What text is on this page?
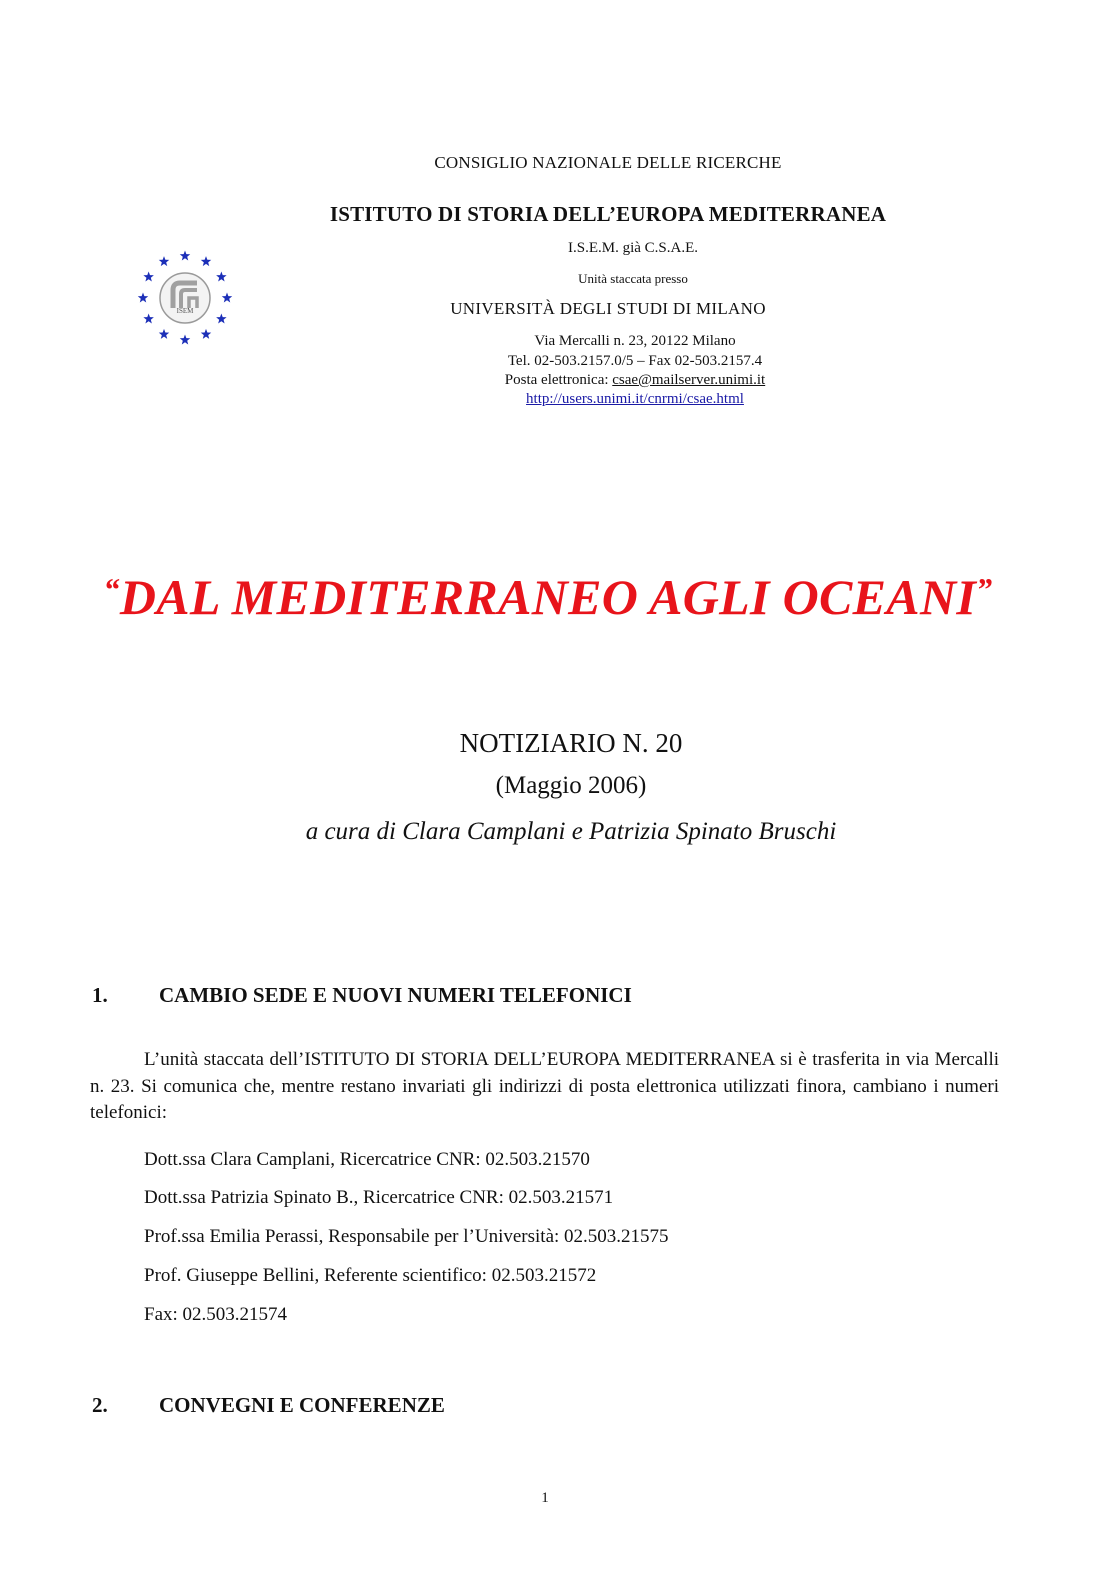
CONSIGLIO NAZIONALE DELLE RICERCHE
ISTITUTO DI STORIA DELL’EUROPA MEDITERRANEA
I.S.E.M. già C.S.A.E.
Unità staccata presso
UNIVERSITÀ DEGLI STUDI DI MILANO
Via Mercalli n. 23, 20122 Milano
Tel. 02-503.2157.0/5 – Fax 02-503.2157.4
Posta elettronica: csae@mailserver.unimi.it
http://users.unimi.it/cnrmi/csae.html
ISEM
“DAL MEDITERRANEO AGLI OCEANI”
NOTIZIARIO N. 20
(Maggio 2006)
a cura di Clara Camplani e Patrizia Spinato Bruschi
1. CAMBIO SEDE E NUOVI NUMERI TELEFONICI
L’unità staccata dell’ISTITUTO DI STORIA DELL’EUROPA MEDITERRANEA si è trasferita in via Mercalli n. 23. Si comunica che, mentre restano invariati gli indirizzi di posta elettronica utilizzati finora, cambiano i numeri telefonici:
Dott.ssa Clara Camplani, Ricercatrice CNR: 02.503.21570
Dott.ssa Patrizia Spinato B., Ricercatrice CNR: 02.503.21571
Prof.ssa Emilia Perassi, Responsabile per l’Università: 02.503.21575
Prof. Giuseppe Bellini, Referente scientifico: 02.503.21572
Fax: 02.503.21574
2. CONVEGNI E CONFERENZE
1
